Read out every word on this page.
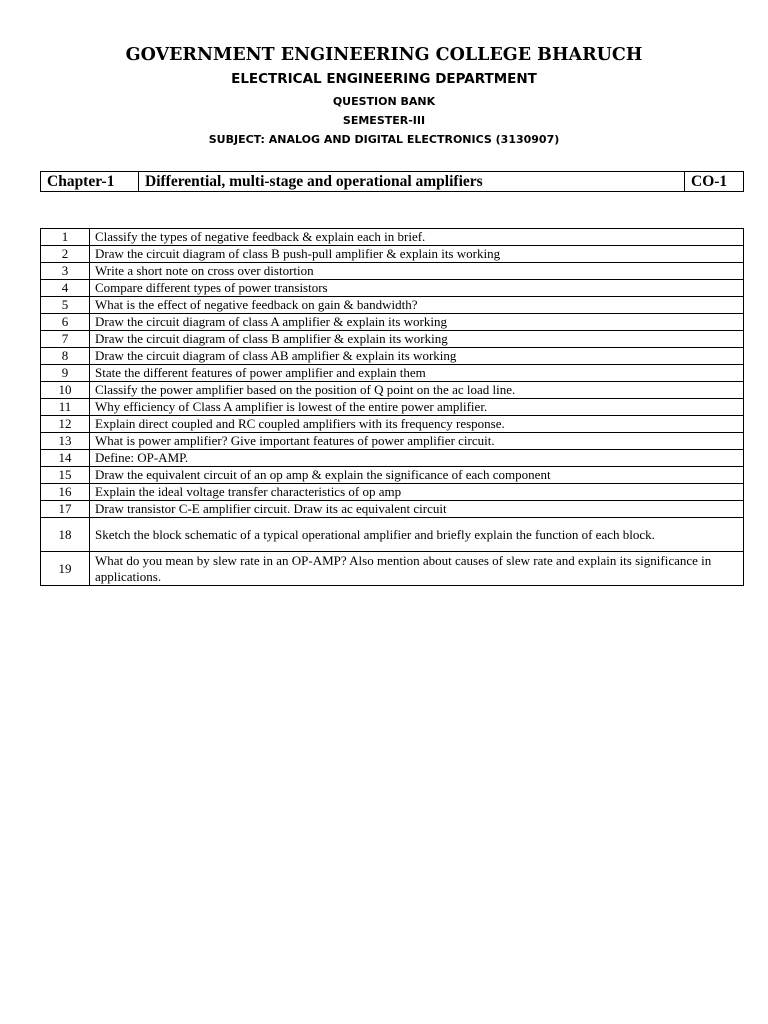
GOVERNMENT ENGINEERING COLLEGE BHARUCH
ELECTRICAL ENGINEERING DEPARTMENT
QUESTION BANK
SEMESTER-III
SUBJECT: ANALOG AND DIGITAL ELECTRONICS (3130907)
Chapter-1	Differential, multi-stage and operational amplifiers	CO-1
1	Classify the types of negative feedback & explain each in brief.
2	Draw the circuit diagram of class B push-pull amplifier & explain its working
3	Write a short note on cross over distortion
4	Compare different types of power transistors
5	What is the effect of negative feedback on gain & bandwidth?
6	Draw the circuit diagram of class A amplifier & explain its working
7	Draw the circuit diagram of class B amplifier & explain its working
8	Draw the circuit diagram of class AB amplifier & explain its working
9	State the different features of power amplifier and explain them
10	Classify the power amplifier based on the position of Q point on the ac load line.
11	Why efficiency of Class A amplifier is lowest of the entire power amplifier.
12	Explain direct coupled and RC coupled amplifiers with its frequency response.
13	What is power amplifier? Give important features of power amplifier circuit.
14	Define: OP-AMP.
15	Draw the equivalent circuit of an op amp & explain the significance of each component
16	Explain the ideal voltage transfer characteristics of op amp
17	Draw transistor C-E amplifier circuit. Draw its ac equivalent circuit
18	Sketch the block schematic of a typical operational amplifier and briefly explain the function of each block.
19	What do you mean by slew rate in an OP-AMP? Also mention about causes of slew rate and explain its significance in applications.
